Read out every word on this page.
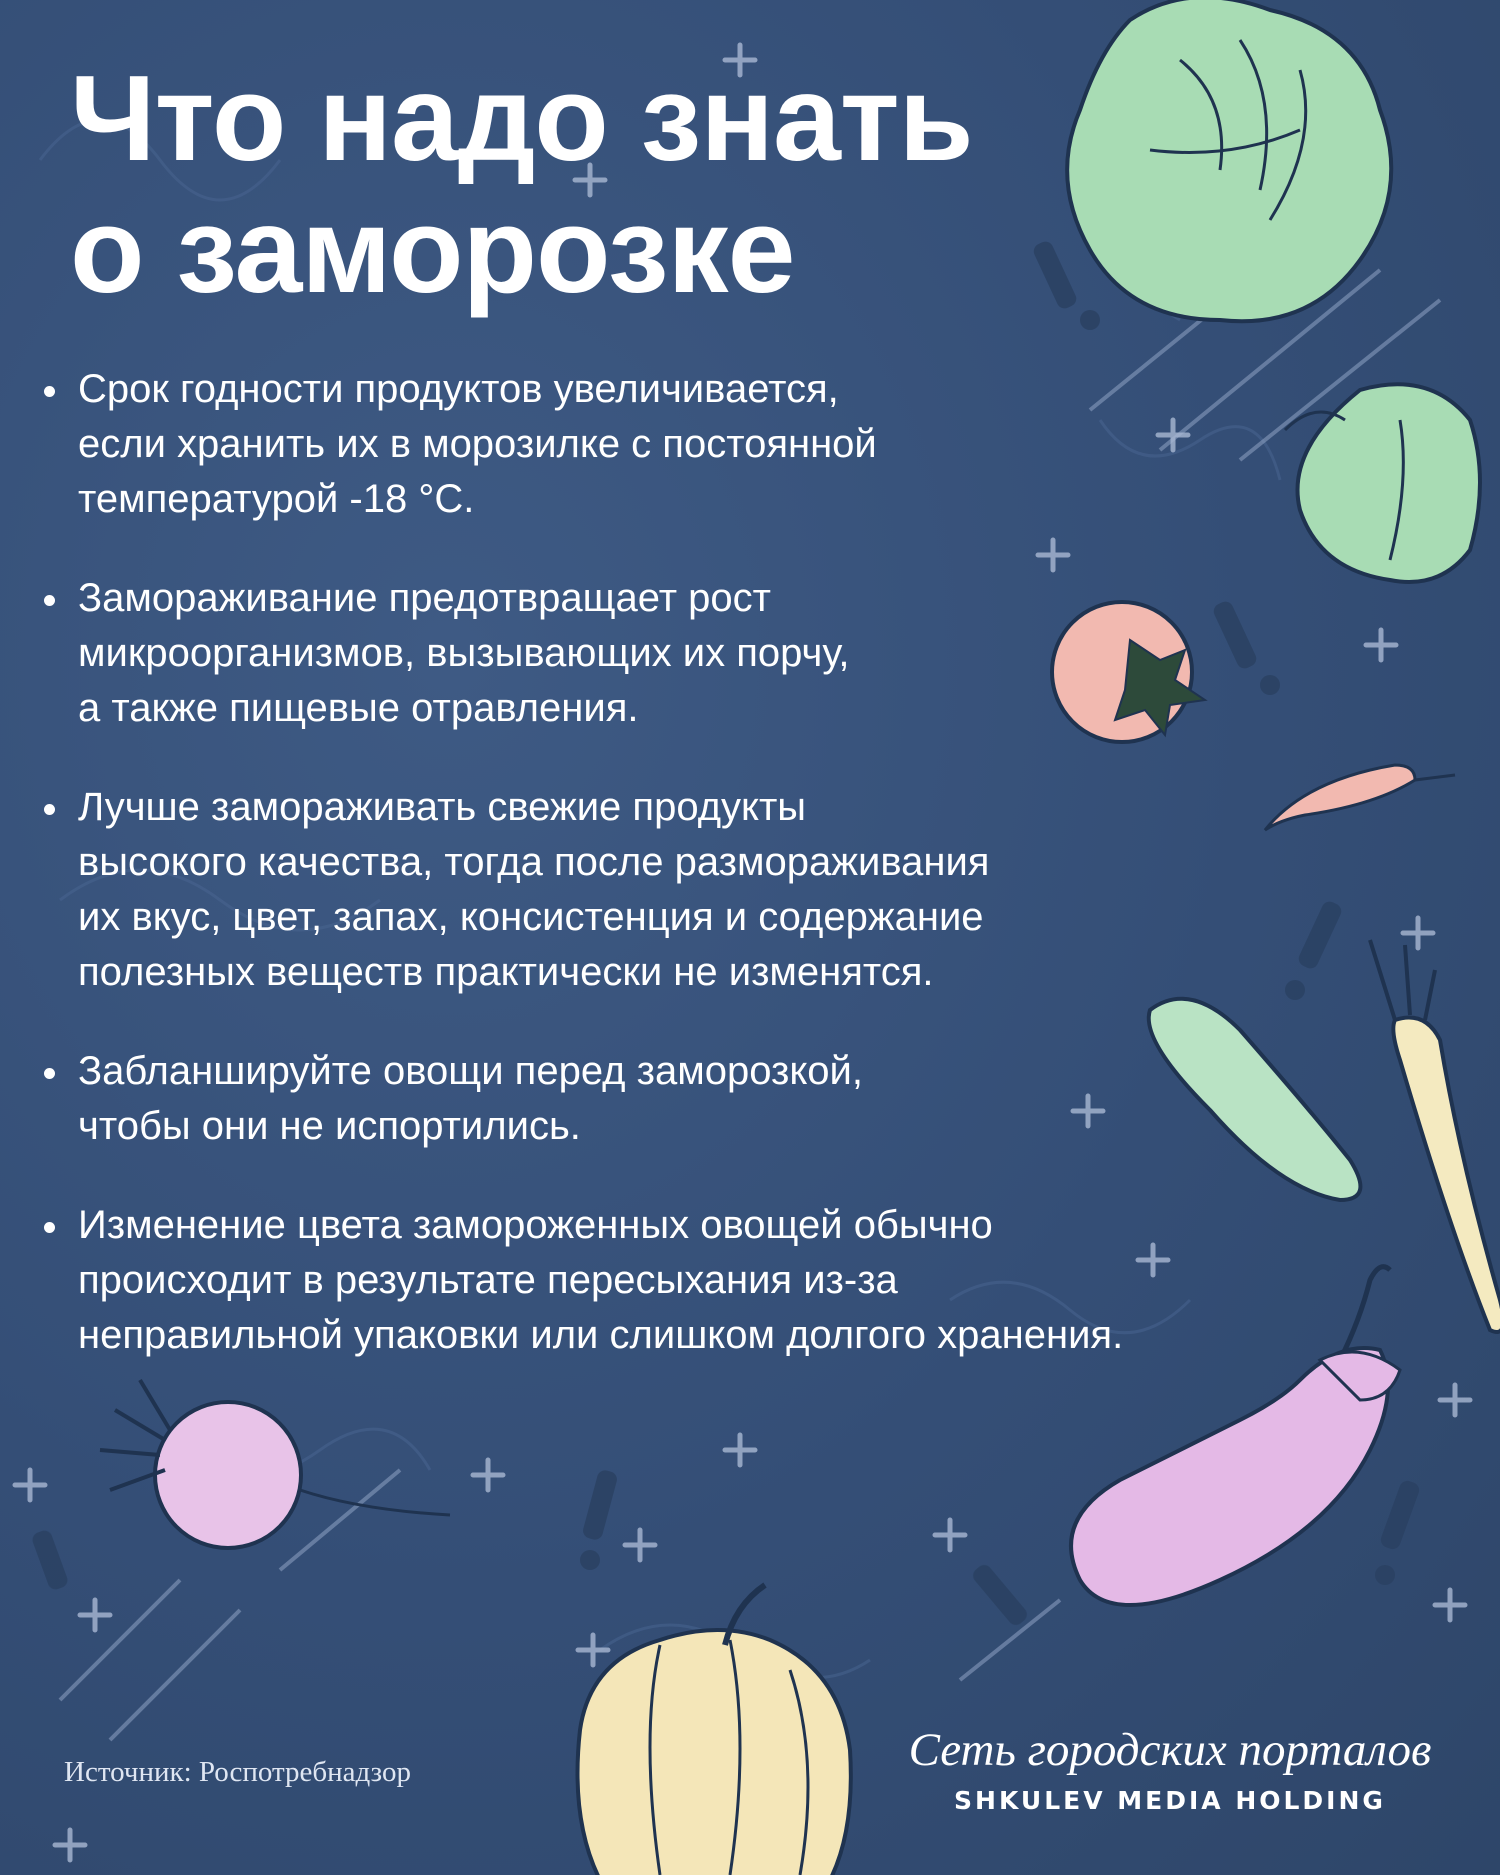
Что надо знать
о заморозке
Срок годности продуктов увеличивается,
если хранить их в морозилке с постоянной
температурой -18 °С.
Замораживание предотвращает рост
микроорганизмов, вызывающих их порчу,
а также пищевые отравления.
Лучше замораживать свежие продукты
высокого качества, тогда после размораживания
их вкус, цвет, запах, консистенция и содержание
полезных веществ практически не изменятся.
Забланшируйте овощи перед заморозкой,
чтобы они не испортились.
Изменение цвета замороженных овощей обычно
происходит в результате пересыхания из-за
неправильной упаковки или слишком долгого хранения.
Источник: Роспотребнадзор	Сеть городских порталов
SHKULEV MEDIA HOLDING
